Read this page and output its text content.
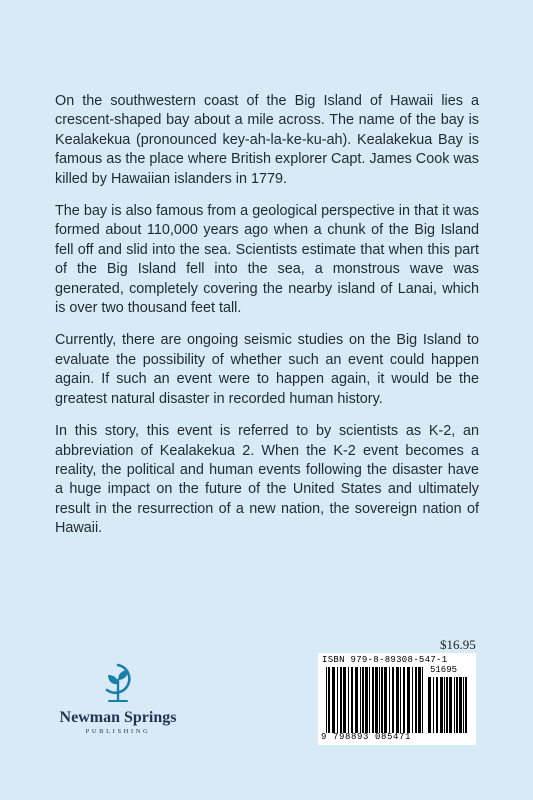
On the southwestern coast of the Big Island of Hawaii lies a crescent-shaped bay about a mile across. The name of the bay is Kealakekua (pronounced key-ah-la-ke-ku-ah). Kealakekua Bay is famous as the place where British explorer Capt. James Cook was killed by Hawaiian islanders in 1779.

The bay is also famous from a geological perspective in that it was formed about 110,000 years ago when a chunk of the Big Island fell off and slid into the sea. Scientists estimate that when this part of the Big Island fell into the sea, a monstrous wave was generated, completely covering the nearby island of Lanai, which is over two thousand feet tall.

Currently, there are ongoing seismic studies on the Big Island to evaluate the possibility of whether such an event could happen again. If such an event were to happen again, it would be the greatest natural disaster in recorded human history.

In this story, this event is referred to by scientists as K-2, an abbreviation of Kealakekua 2. When the K-2 event becomes a reality, the political and human events following the disaster have a huge impact on the future of the United States and ultimately result in the resurrection of a new nation, the sovereign nation of Hawaii.

Newman Springs
PUBLISHING
$16.95
ISBN 979-8-89308-547-1
51695
9 798893 085471
